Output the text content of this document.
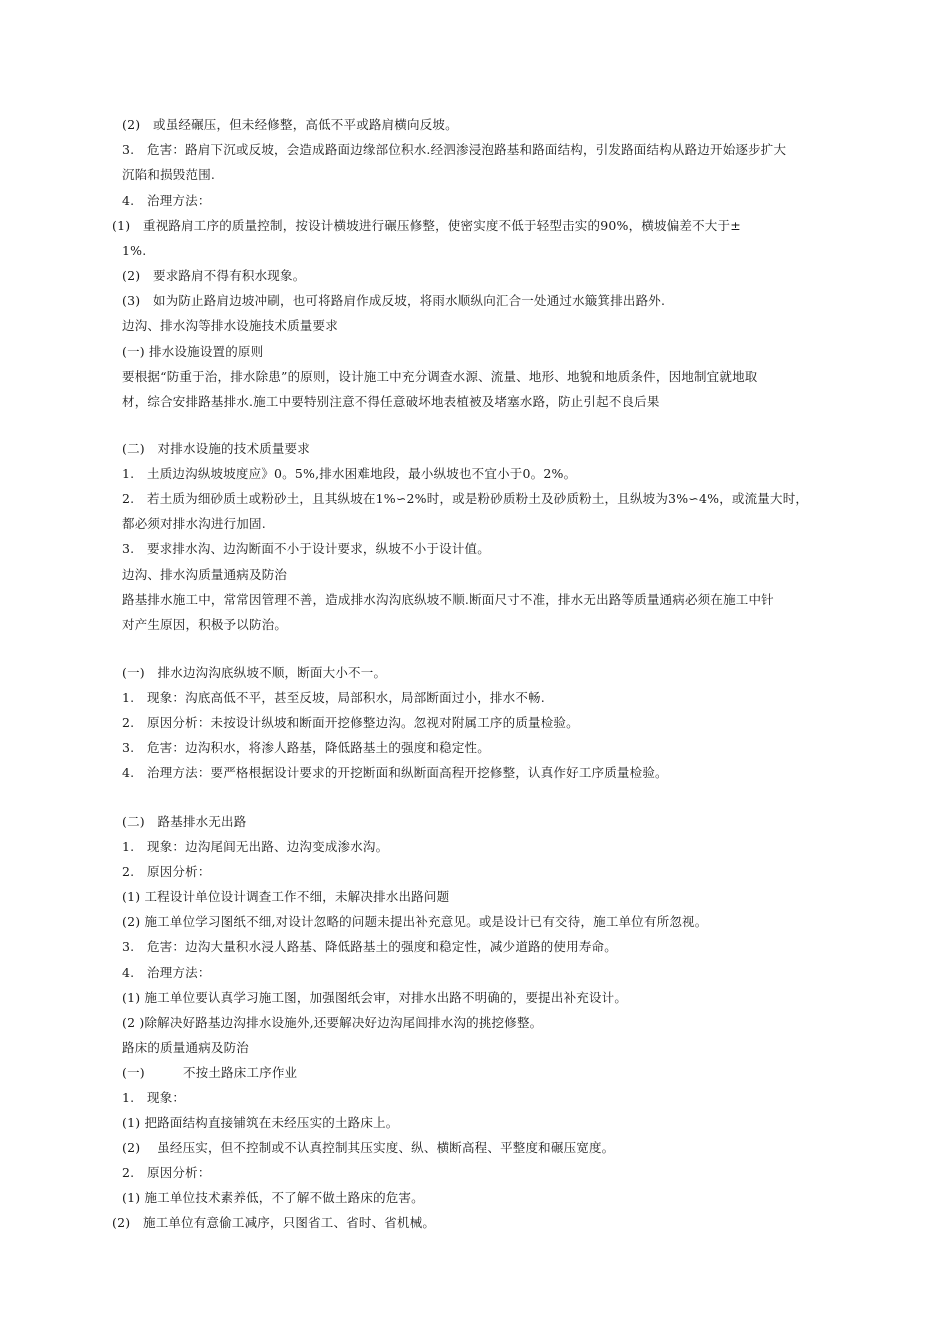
(2)　或虽经碾压，但未经修整，高低不平或路肩横向反坡。
3.　危害：路肩下沉或反坡，会造成路面边缘部位积水.经泗渗浸泡路基和路面结构，引发路面结构从路边开始逐步扩大
沉陷和损毁范围.
4.　治理方法：
(1)　重视路肩工序的质量控制，按设计横坡进行碾压修整，使密实度不低于轻型击实的90%，横坡偏差不大于±
1%.
(2)　要求路肩不得有积水现象。
(3)　如为防止路肩边坡冲刷，也可将路肩作成反坡，将雨水顺纵向汇合一处通过水簸箕排出路外.
边沟、排水沟等排水设施技术质量要求
(一) 排水设施设置的原则
要根据“防重于治，排水除患”的原则，设计施工中充分调查水源、流量、地形、地貌和地质条件，因地制宜就地取
材，综合安排路基排水.施工中要特别注意不得任意破坏地表植被及堵塞水路，防止引起不良后果
(二)　对排水设施的技术质量要求
1.　土质边沟纵坡坡度应》0。5%,排水困难地段，最小纵坡也不宜小于0。2%。
2.　若土质为细砂质土或粉砂土，且其纵坡在1%∽2%时，或是粉砂质粉土及砂质粉土，且纵坡为3%∽4%，或流量大时，
都必须对排水沟进行加固.
3.　要求排水沟、边沟断面不小于设计要求，纵坡不小于设计值。
边沟、排水沟质量通病及防治
路基排水施工中，常常因管理不善，造成排水沟沟底纵坡不顺.断面尺寸不准，排水无出路等质量通病必须在施工中针
对产生原因，积极予以防治。
(一)　排水边沟沟底纵坡不顺，断面大小不一。
1.　现象：沟底高低不平，甚至反坡，局部积水，局部断面过小，排水不畅.
2.　原因分析：未按设计纵坡和断面开挖修整边沟。忽视对附属工序的质量检验。
3.　危害：边沟积水，将渗人路基，降低路基土的强度和稳定性。
4.　治理方法：要严格根据设计要求的开挖断面和纵断面高程开挖修整，认真作好工序质量检验。
(二)　路基排水无出路
1.　现象：边沟尾闾无出路、边沟变成渗水沟。
2.　原因分析：
(1) 工程设计单位设计调查工作不细，未解决排水出路问题
(2) 施工单位学习图纸不细,对设计忽略的问题未提出补充意见。或是设计已有交待，施工单位有所忽视。
3.　危害：边沟大量积水浸人路基、降低路基土的强度和稳定性，减少道路的使用寿命。
4.　治理方法：
(1) 施工单位要认真学习施工图，加强图纸会审，对排水出路不明确的，要提出补充设计。
(2 )除解决好路基边沟排水设施外,还要解决好边沟尾闾排水沟的挑挖修整。
路床的质量通病及防治
(一)　　　不按土路床工序作业
1.　现象：
(1) 把路面结构直接铺筑在未经压实的土路床上。
(2)　 虽经压实，但不控制或不认真控制其压实度、纵、横断高程、平整度和碾压宽度。
2.　原因分析：
(1) 施工单位技术素养低，不了解不做土路床的危害。
(2)　施工单位有意偷工减序，只图省工、省时、省机械。
